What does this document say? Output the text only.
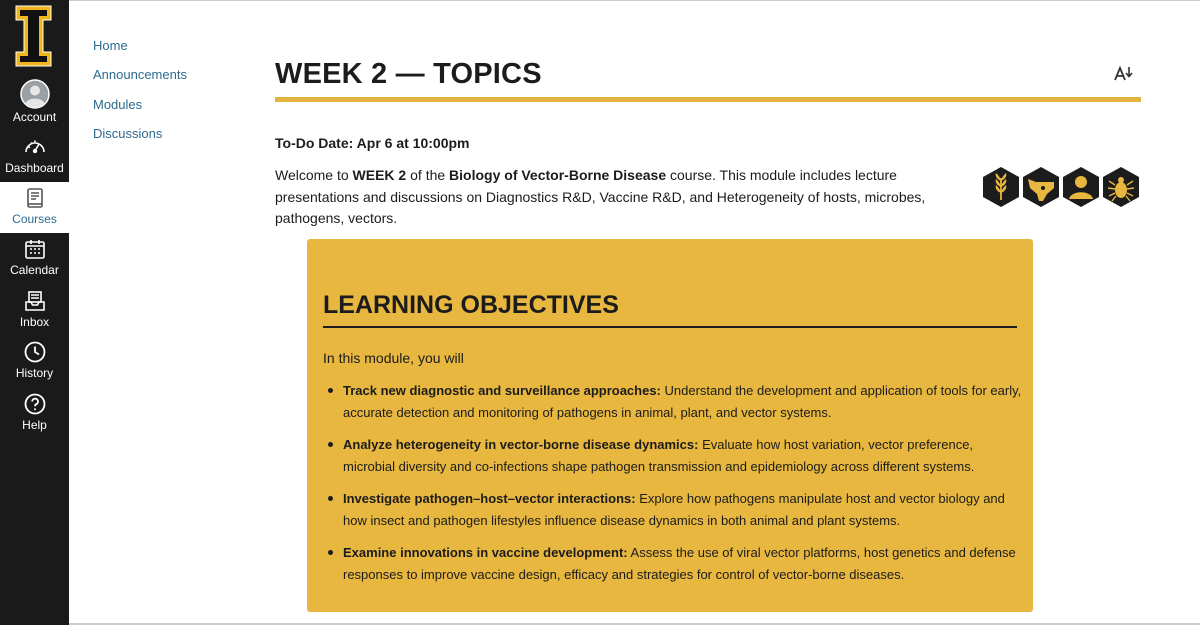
Account
Dashboard
Courses
Calendar
Inbox
History
Help
Home
Announcements
Modules
Discussions
WEEK 2 — TOPICS
To-Do Date: Apr 6 at 10:00pm

Welcome to WEEK 2 of the Biology of Vector-Borne Disease course. This module includes lecture presentations and discussions on Diagnostics R&D, Vaccine R&D, and Heterogeneity of hosts, microbes, pathogens, vectors.

LEARNING OBJECTIVES
In this module, you will
Track new diagnostic and surveillance approaches: Understand the development and application of tools for early, accurate detection and monitoring of pathogens in animal, plant, and vector systems.
Analyze heterogeneity in vector-borne disease dynamics: Evaluate how host variation, vector preference, microbial diversity and co-infections shape pathogen transmission and epidemiology across different systems.
Investigate pathogen–host–vector interactions: Explore how pathogens manipulate host and vector biology and how insect and pathogen lifestyles influence disease dynamics in both animal and plant systems.
Examine innovations in vaccine development: Assess the use of viral vector platforms, host genetics and defense responses to improve vaccine design, efficacy and strategies for control of vector-borne diseases.
